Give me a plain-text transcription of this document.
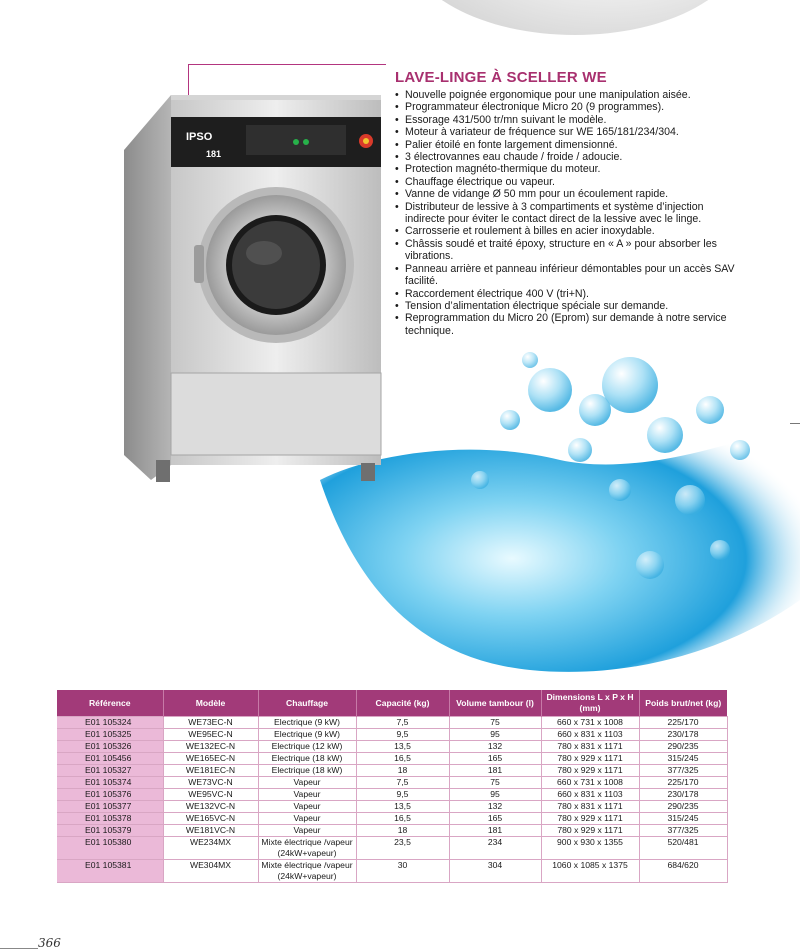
IPSO
181
LAVE-LINGE À SCELLER WE
• Nouvelle poignée ergonomique pour une manipulation aisée.
• Programmateur électronique Micro 20 (9 programmes).
• Essorage 431/500 tr/mn suivant le modèle.
• Moteur à variateur de fréquence sur WE 165/181/234/304.
• Palier étoilé en fonte largement dimensionné.
• 3 électrovannes eau chaude / froide / adoucie.
• Protection magnéto-thermique du moteur.
• Chauffage électrique ou vapeur.
• Vanne de vidange Ø 50 mm pour un écoulement rapide.
• Distributeur de lessive à 3 compartiments et système d’injection indirecte pour éviter le contact direct de la lessive avec le linge.
• Carrosserie et roulement à billes en acier inoxydable.
• Châssis soudé et traité époxy, structure en « A » pour absorber les vibrations.
• Panneau arrière et panneau inférieur démontables pour un accès SAV facilité.
• Raccordement électrique 400 V (tri+N).
• Tension d’alimentation électrique spéciale sur demande.
• Reprogrammation du Micro 20 (Eprom) sur demande à notre service technique.
Référence	Modèle	Chauffage	Capacité (kg)	Volume tambour (l)	Dimensions L x P x H (mm)	Poids brut/net (kg)
E01 105324	WE73EC-N	Electrique (9 kW)	7,5	75	660 x 731 x 1008	225/170
E01 105325	WE95EC-N	Electrique (9 kW)	9,5	95	660 x 831 x 1103	230/178
E01 105326	WE132EC-N	Electrique (12 kW)	13,5	132	780 x 831 x 1171	290/235
E01 105456	WE165EC-N	Electrique (18 kW)	16,5	165	780 x 929 x 1171	315/245
E01 105327	WE181EC-N	Electrique (18 kW)	18	181	780 x 929 x 1171	377/325
E01 105374	WE73VC-N	Vapeur	7,5	75	660 x 731 x 1008	225/170
E01 105376	WE95VC-N	Vapeur	9,5	95	660 x 831 x 1103	230/178
E01 105377	WE132VC-N	Vapeur	13,5	132	780 x 831 x 1171	290/235
E01 105378	WE165VC-N	Vapeur	16,5	165	780 x 929 x 1171	315/245
E01 105379	WE181VC-N	Vapeur	18	181	780 x 929 x 1171	377/325
E01 105380	WE234MX	Mixte électrique /vapeur (24kW+vapeur)	23,5	234	900 x 930 x 1355	520/481
E01 105381	WE304MX	Mixte électrique /vapeur (24kW+vapeur)	30	304	1060 x 1085 x 1375	684/620

366
